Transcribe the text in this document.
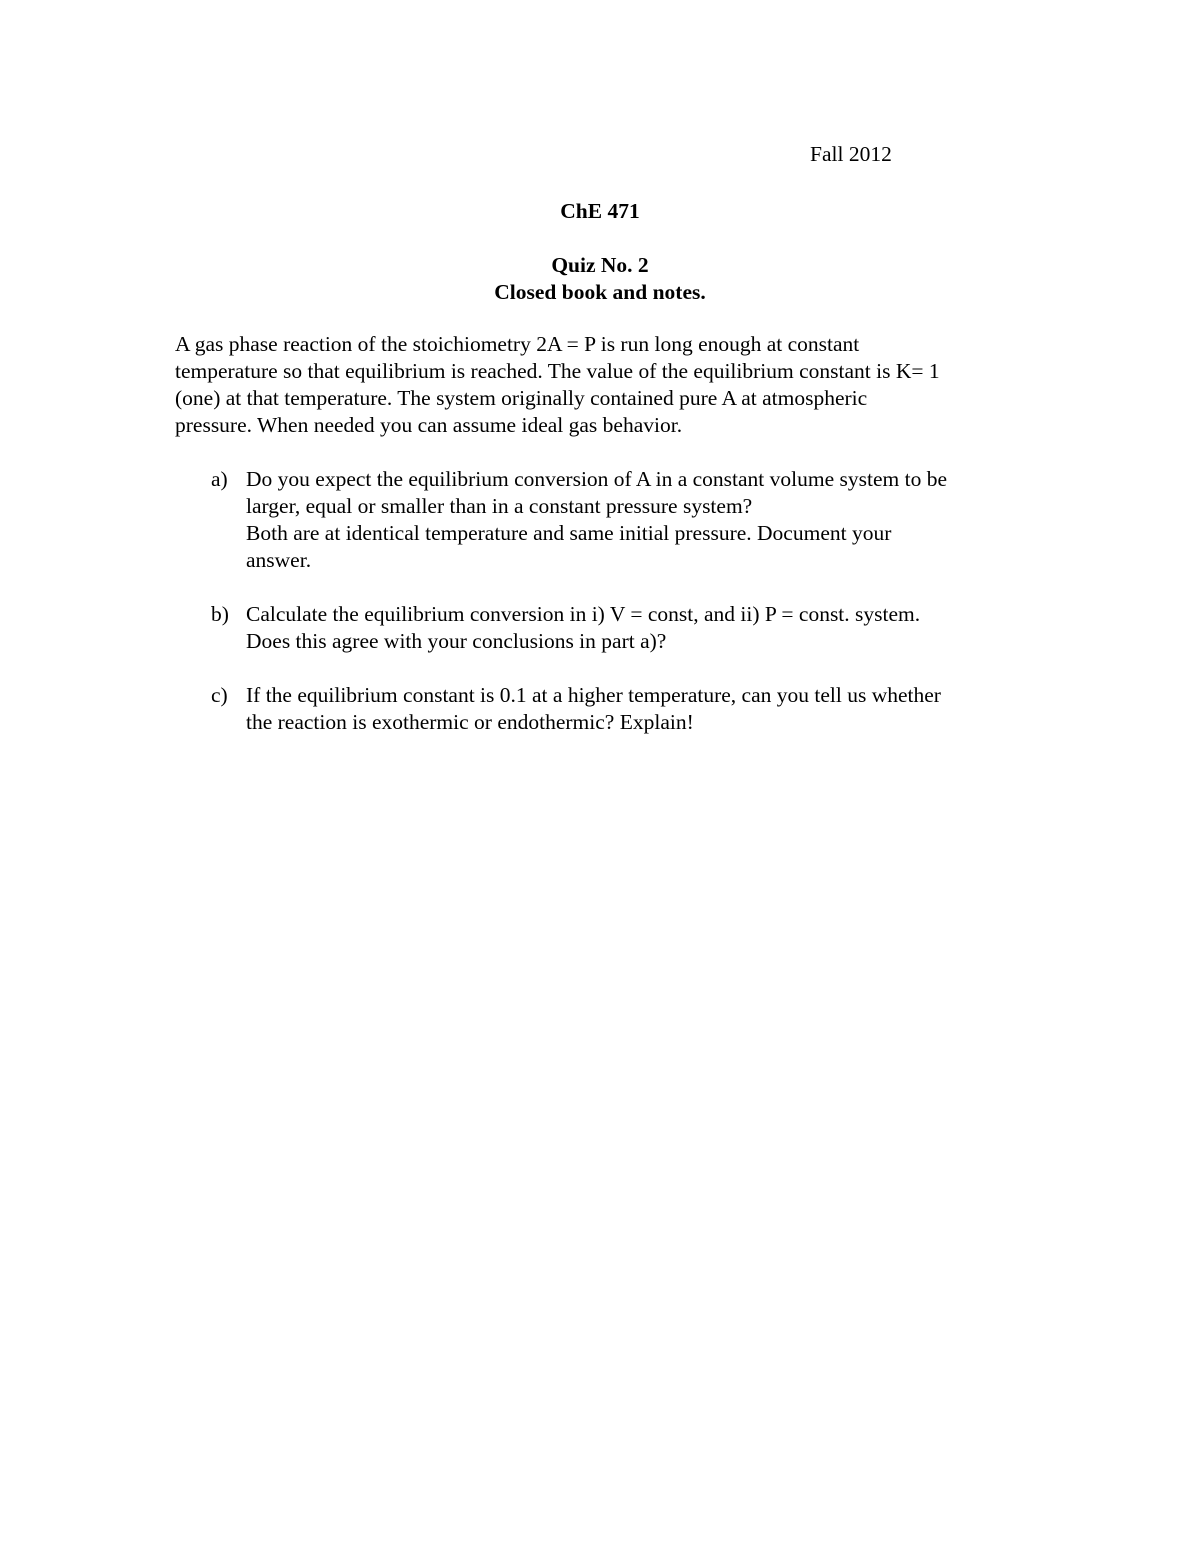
Fall 2012
ChE 471
Quiz No. 2
Closed book and notes.
A gas phase reaction of the stoichiometry 2A = P is run long enough at constant
temperature so that equilibrium is reached. The value of the equilibrium constant is K= 1
(one) at that temperature. The system originally contained pure A at atmospheric
pressure. When needed you can assume ideal gas behavior.
a) Do you expect the equilibrium conversion of A in a constant volume system to be
larger, equal or smaller than in a constant pressure system?
Both are at identical temperature and same initial pressure. Document your
answer.
b) Calculate the equilibrium conversion in i) V = const, and ii) P = const. system.
Does this agree with your conclusions in part a)?
c) If the equilibrium constant is 0.1 at a higher temperature, can you tell us whether
the reaction is exothermic or endothermic? Explain!
